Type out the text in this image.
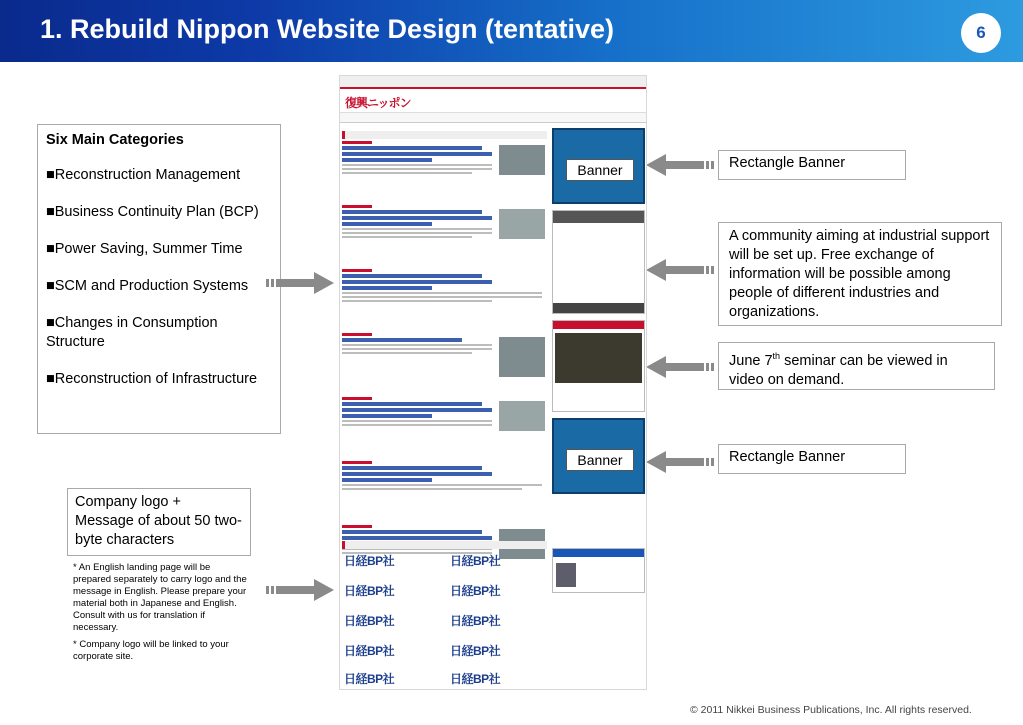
1. Rebuild Nippon Website Design (tentative)	6
Six Main Categories
■Reconstruction Management
■Business Continuity Plan (BCP)
■Power Saving, Summer Time
■SCM and Production Systems
■Changes in Consumption Structure
■Reconstruction of Infrastructure
Company logo + Message of about 50 two-byte characters

* An English landing page will be prepared separately to carry logo and the message in English. Please prepare your material both in Japanese and English. Consult with us for translation if necessary.

* Company logo will be linked to your corporate site.

復興ニッポン
日経BP社	日経BP社
日経BP社	日経BP社
日経BP社	日経BP社
日経BP社	日経BP社
日経BP社	日経BP社
Banner
Banner
Rectangle Banner
A community aiming at industrial support will be set up. Free exchange of information will be possible among people of different industries and organizations.
June 7th seminar can be viewed in video on demand.
Rectangle Banner
© 2011 Nikkei Business Publications, Inc. All rights reserved.
